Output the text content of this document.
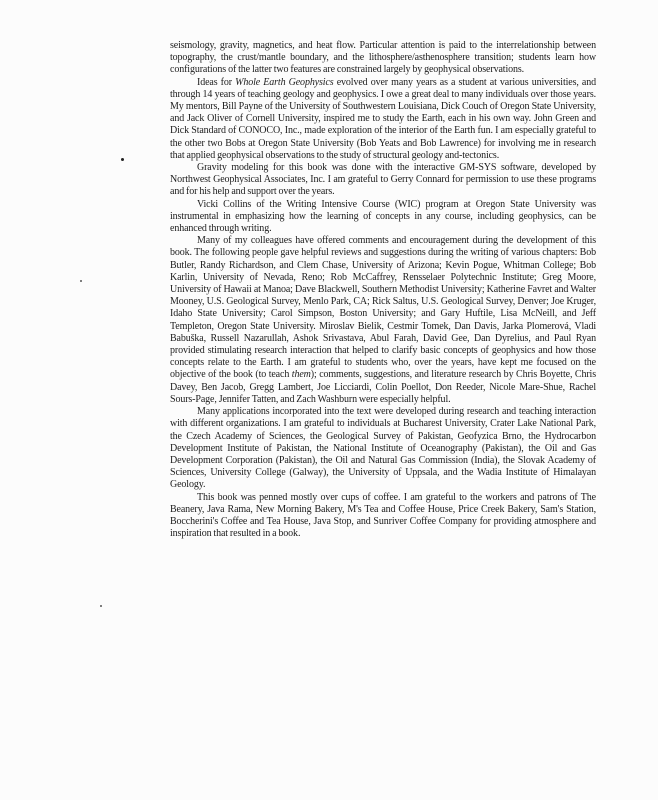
seismology, gravity, magnetics, and heat flow. Particular attention is paid to the interrelationship between topography, the crust/mantle boundary, and the lithosphere/asthenosphere transition; students learn how configurations of the latter two features are constrained largely by geophysical observations.

Ideas for Whole Earth Geophysics evolved over many years as a student at various universities, and through 14 years of teaching geology and geophysics. I owe a great deal to many individuals over those years. My mentors, Bill Payne of the University of Southwestern Louisiana, Dick Couch of Oregon State University, and Jack Oliver of Cornell University, inspired me to study the Earth, each in his own way. John Green and Dick Standard of CONOCO, Inc., made exploration of the interior of the Earth fun. I am especially grateful to the other two Bobs at Oregon State University (Bob Yeats and Bob Lawrence) for involving me in research that applied geophysical observations to the study of structural geology and-tectonics.

Gravity modeling for this book was done with the interactive GM-SYS software, developed by Northwest Geophysical Associates, Inc. I am grateful to Gerry Connard for permission to use these programs and for his help and support over the years.

Vicki Collins of the Writing Intensive Course (WIC) program at Oregon State University was instrumental in emphasizing how the learning of concepts in any course, including geophysics, can be enhanced through writing.

Many of my colleagues have offered comments and encouragement during the development of this book. The following people gave helpful reviews and suggestions during the writing of various chapters: Bob Butler, Randy Richardson, and Clem Chase, University of Arizona; Kevin Pogue, Whitman College; Bob Karlin, University of Nevada, Reno; Rob McCaffrey, Rensselaer Polytechnic Institute; Greg Moore, University of Hawaii at Manoa; Dave Blackwell, Southern Methodist University; Katherine Favret and Walter Mooney, U.S. Geological Survey, Menlo Park, CA; Rick Saltus, U.S. Geological Survey, Denver; Joe Kruger, Idaho State University; Carol Simpson, Boston University; and Gary Huftile, Lisa McNeill, and Jeff Templeton, Oregon State University. Miroslav Bielik, Cestmir Tomek, Dan Davis, Jarka Plomerová, Vladi Babuška, Russell Nazarullah, Ashok Srivastava, Abul Farah, David Gee, Dan Dyrelius, and Paul Ryan provided stimulating research interaction that helped to clarify basic concepts of geophysics and how those concepts relate to the Earth. I am grateful to students who, over the years, have kept me focused on the objective of the book (to teach them); comments, suggestions, and literature research by Chris Boyette, Chris Davey, Ben Jacob, Gregg Lambert, Joe Licciardi, Colin Poellot, Don Reeder, Nicole Mare-Shue, Rachel Sours-Page, Jennifer Tatten, and Zach Washburn were especially helpful.

Many applications incorporated into the text were developed during research and teaching interaction with different organizations. I am grateful to individuals at Bucharest University, Crater Lake National Park, the Czech Academy of Sciences, the Geological Survey of Pakistan, Geofyzica Brno, the Hydrocarbon Development Institute of Pakistan, the National Institute of Oceanography (Pakistan), the Oil and Gas Development Corporation (Pakistan), the Oil and Natural Gas Commission (India), the Slovak Academy of Sciences, University College (Galway), the University of Uppsala, and the Wadia Institute of Himalayan Geology.

This book was penned mostly over cups of coffee. I am grateful to the workers and patrons of The Beanery, Java Rama, New Morning Bakery, M's Tea and Coffee House, Price Creek Bakery, Sam's Station, Boccherini's Coffee and Tea House, Java Stop, and Sunriver Coffee Company for providing atmosphere and inspiration that resulted in a book.
